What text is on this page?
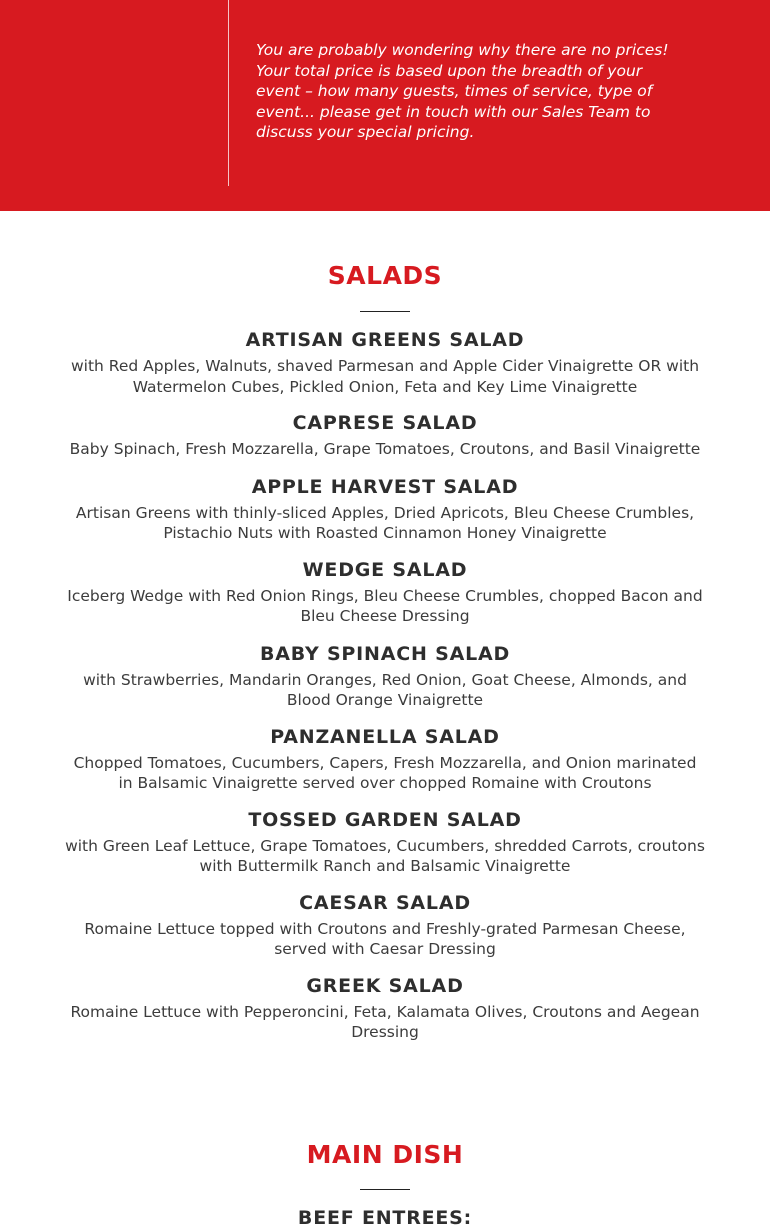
You are probably wondering why there are no prices! Your total price is based upon the breadth of your event – how many guests, times of service, type of event... please get in touch with our Sales Team to discuss your special pricing.

SALADS
ARTISAN GREENS SALAD

with Red Apples, Walnuts, shaved Parmesan and Apple Cider Vinaigrette OR with Watermelon Cubes, Pickled Onion, Feta and Key Lime Vinaigrette

CAPRESE SALAD

Baby Spinach, Fresh Mozzarella, Grape Tomatoes, Croutons, and Basil Vinaigrette

APPLE HARVEST SALAD

Artisan Greens with thinly-sliced Apples, Dried Apricots, Bleu Cheese Crumbles, Pistachio Nuts with Roasted Cinnamon Honey Vinaigrette

WEDGE SALAD

Iceberg Wedge with Red Onion Rings, Bleu Cheese Crumbles, chopped Bacon and Bleu Cheese Dressing

BABY SPINACH SALAD

with Strawberries, Mandarin Oranges, Red Onion, Goat Cheese, Almonds, and Blood Orange Vinaigrette

PANZANELLA SALAD

Chopped Tomatoes, Cucumbers, Capers, Fresh Mozzarella, and Onion marinated in Balsamic Vinaigrette served over chopped Romaine with Croutons

TOSSED GARDEN SALAD

with Green Leaf Lettuce, Grape Tomatoes, Cucumbers, shredded Carrots, croutons with Buttermilk Ranch and Balsamic Vinaigrette

CAESAR SALAD

Romaine Lettuce topped with Croutons and Freshly-grated Parmesan Cheese, served with Caesar Dressing

GREEK SALAD

Romaine Lettuce with Pepperoncini, Feta, Kalamata Olives, Croutons and Aegean Dressing

MAIN DISH
BEEF ENTREES:
